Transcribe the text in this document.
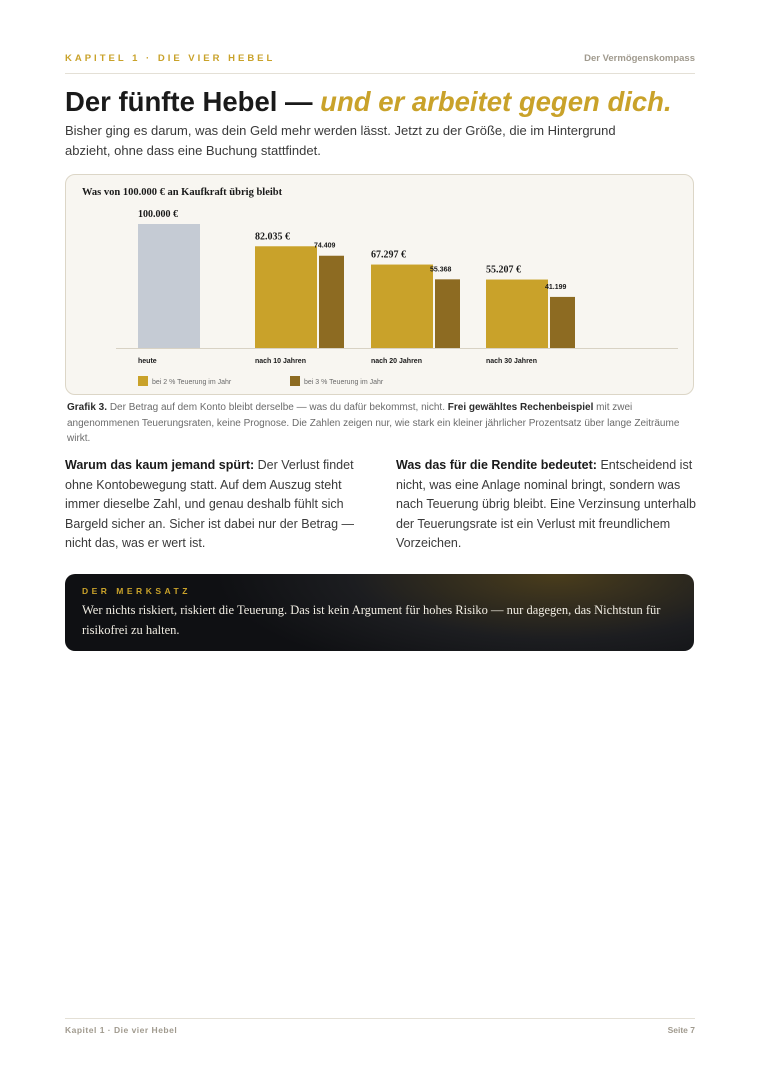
KAPITEL 1 · DIE VIER HEBEL	Der Vermögenskompass
Der fünfte Hebel — und er arbeitet gegen dich.
Bisher ging es darum, was dein Geld mehr werden lässt. Jetzt zu der Größe, die im Hintergrund abzieht, ohne dass eine Buchung stattfindet.
Was von 100.000 € an Kaufkraft übrig bleibt
100.000 €
heute
82.035 €
74.409
nach 10 Jahren
67.297 €
55.368
nach 20 Jahren
55.207 €
41.199
nach 30 Jahren
bei 2 % Teuerung im Jahr	bei 3 % Teuerung im Jahr
Grafik 3. Der Betrag auf dem Konto bleibt derselbe — was du dafür bekommst, nicht. Frei gewähltes Rechenbeispiel mit zwei angenommenen Teuerungsraten, keine Prognose. Die Zahlen zeigen nur, wie stark ein kleiner jährlicher Prozentsatz über lange Zeiträume wirkt.
Warum das kaum jemand spürt: Der Verlust findet ohne Kontobewegung statt. Auf dem Auszug steht immer dieselbe Zahl, und genau deshalb fühlt sich Bargeld sicher an. Sicher ist dabei nur der Betrag — nicht das, was er wert ist.
Was das für die Rendite bedeutet: Entscheidend ist nicht, was eine Anlage nominal bringt, sondern was nach Teuerung übrig bleibt. Eine Verzinsung unterhalb der Teuerungsrate ist ein Verlust mit freundlichem Vorzeichen.
DER MERKSATZ
Wer nichts riskiert, riskiert die Teuerung. Das ist kein Argument für hohes Risiko — nur dagegen, das Nichtstun für risikofrei zu halten.
Kapitel 1 · Die vier Hebel	Seite 7
